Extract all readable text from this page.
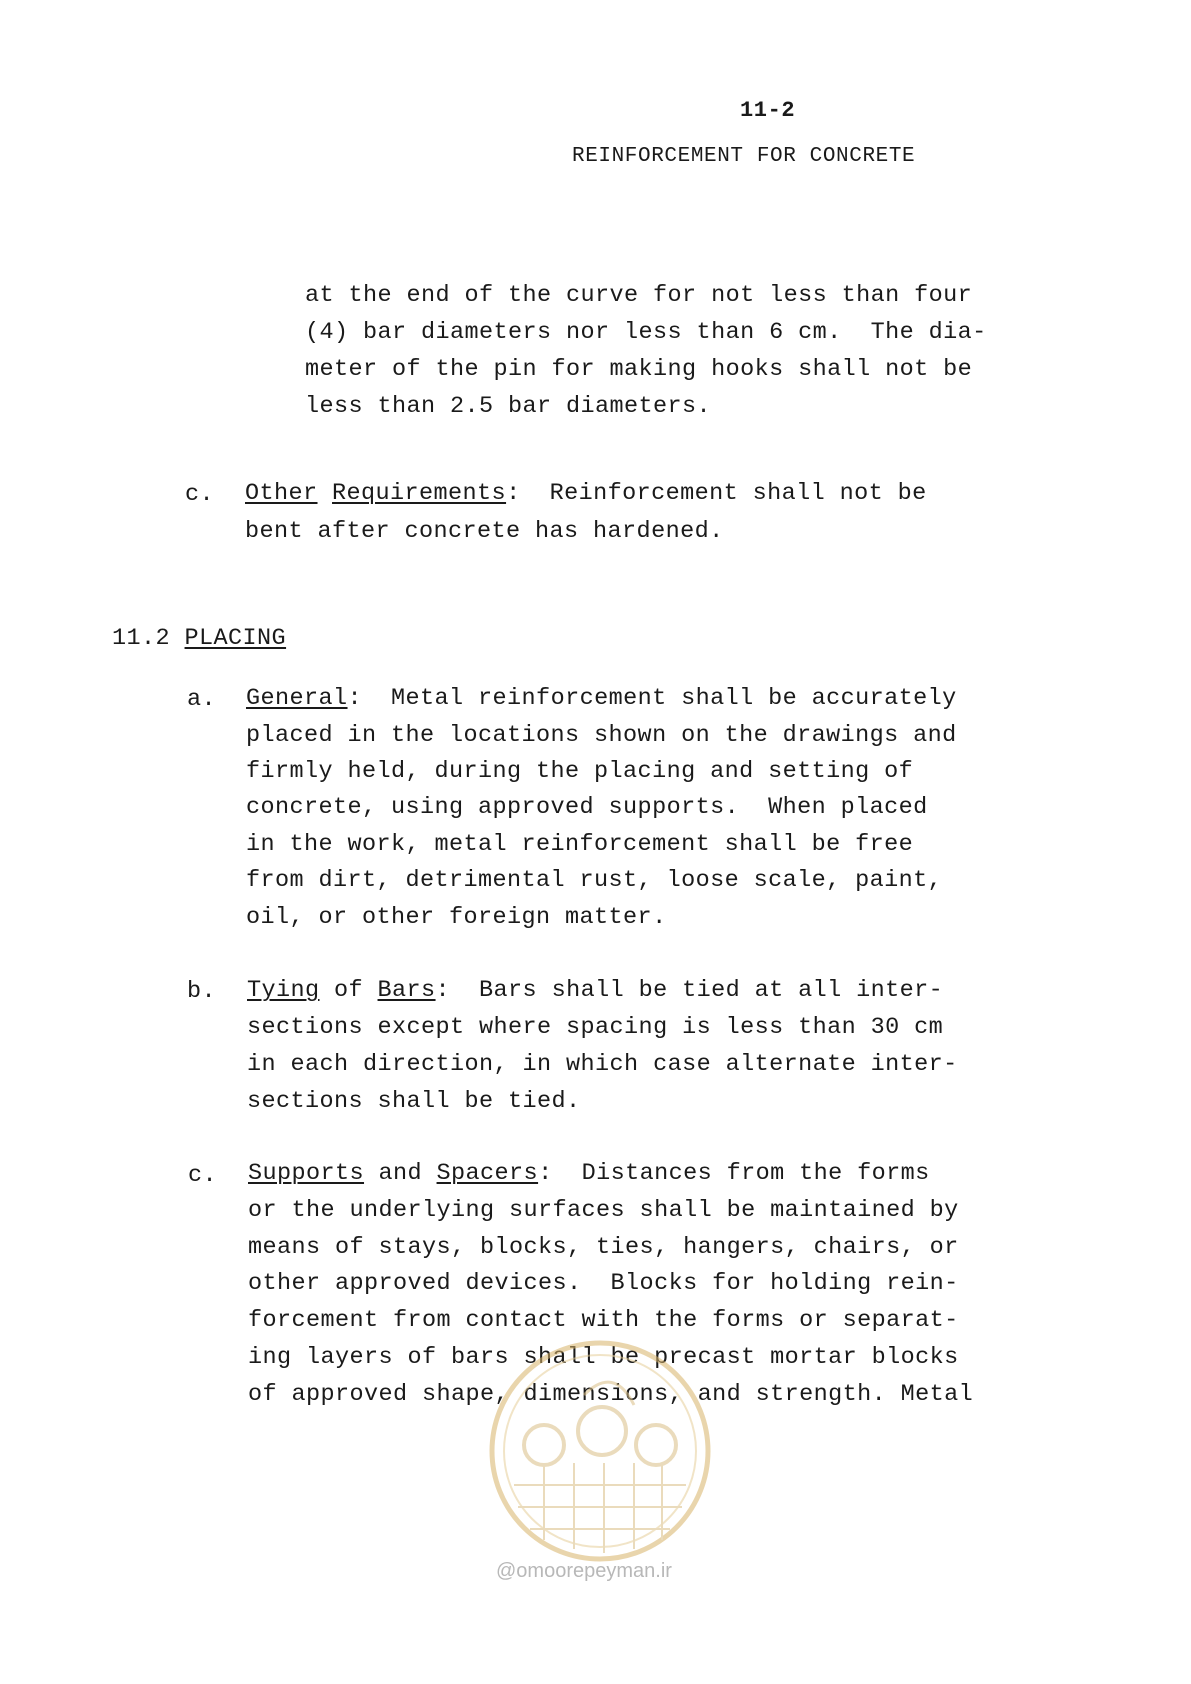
11-2
REINFORCEMENT FOR CONCRETE
at the end of the curve for not less than four
(4) bar diameters nor less than 6 cm.  The dia-
meter of the pin for making hooks shall not be
less than 2.5 bar diameters.
c. Other Requirements:  Reinforcement shall not be
bent after concrete has hardened.
11.2 PLACING
a. General:  Metal reinforcement shall be accurately
placed in the locations shown on the drawings and
firmly held, during the placing and setting of
concrete, using approved supports.  When placed
in the work, metal reinforcement shall be free
from dirt, detrimental rust, loose scale, paint,
oil, or other foreign matter.
b. Tying of Bars:  Bars shall be tied at all inter-
sections except where spacing is less than 30 cm
in each direction, in which case alternate inter-
sections shall be tied.
c. Supports and Spacers:  Distances from the forms
or the underlying surfaces shall be maintained by
means of stays, blocks, ties, hangers, chairs, or
other approved devices.  Blocks for holding rein-
forcement from contact with the forms or separat-
ing layers of bars shall be precast mortar blocks
of approved shape, dimensions, and strength. Metal
@omoorepeyman.ir
